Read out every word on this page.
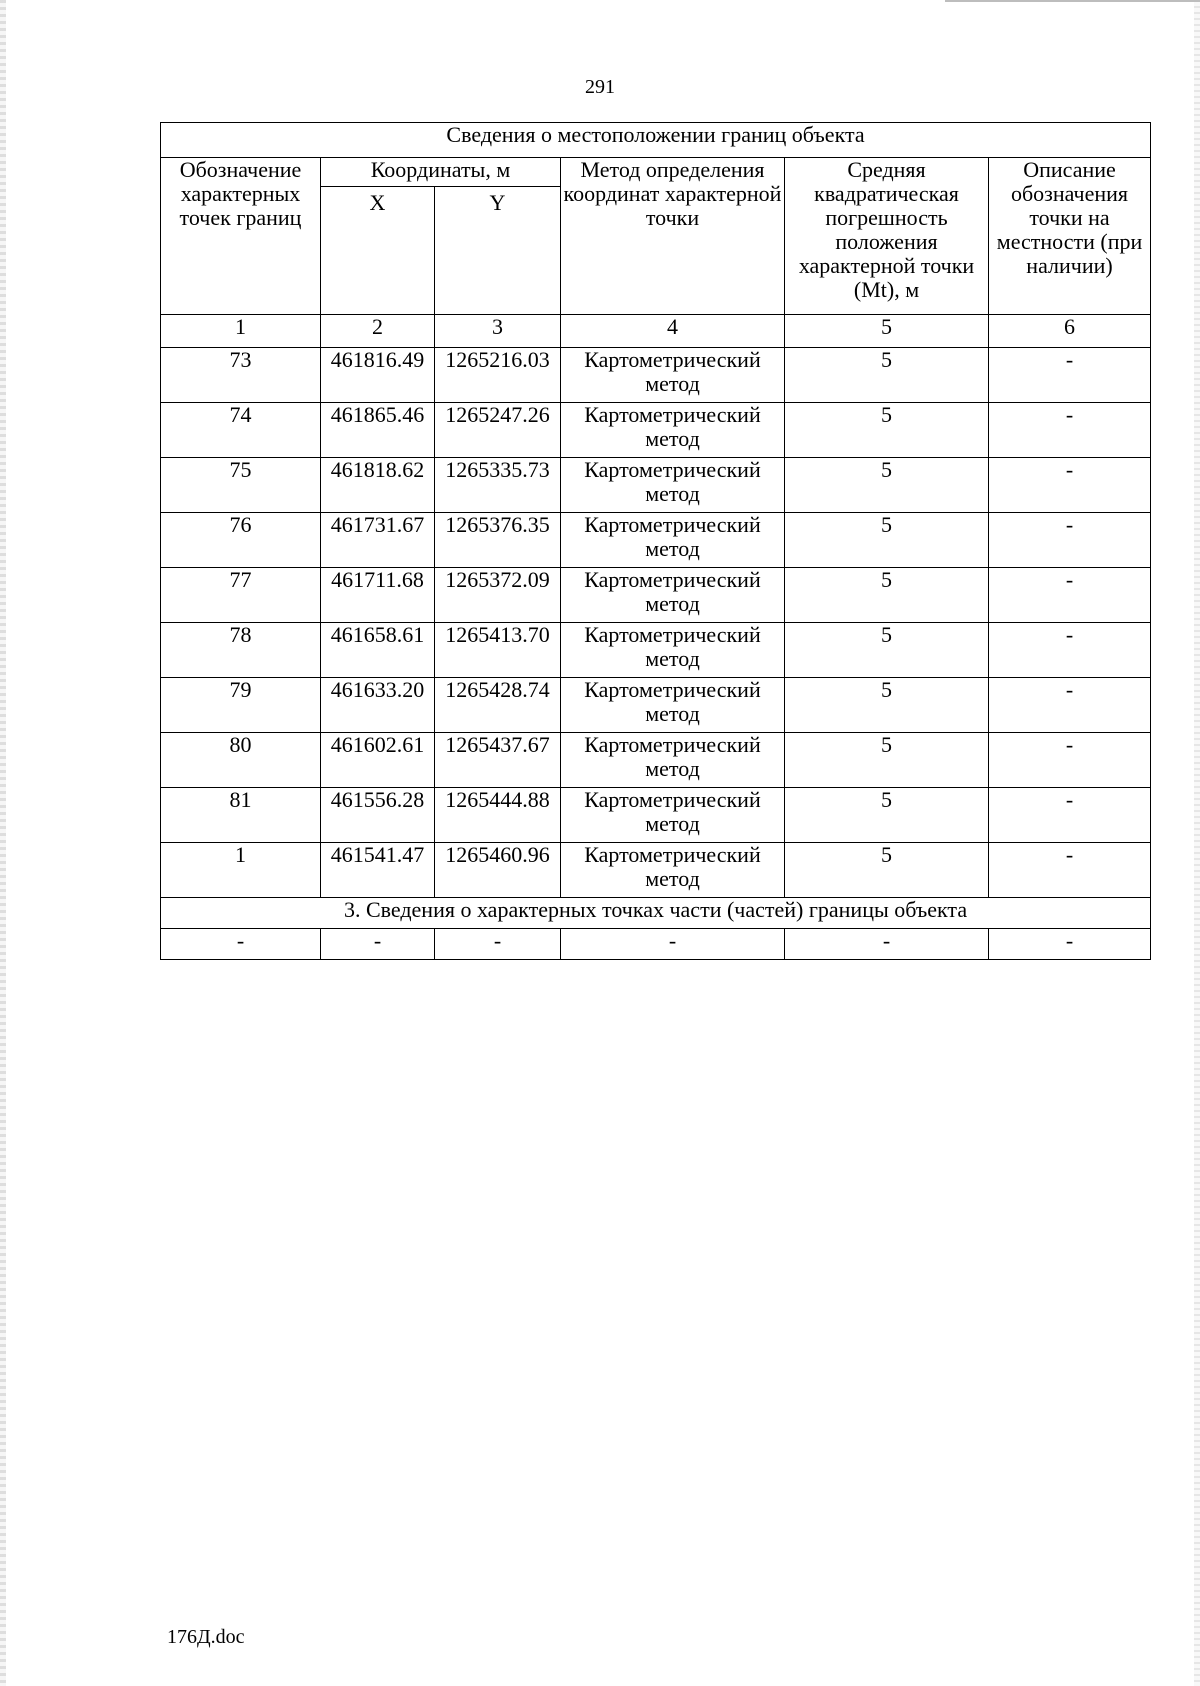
291
Сведения о местоположении границ объекта					
Обозначение характерных точек границ	Координаты, м		Метод определения координат характерной точки	Средняя квадратическая погрешность положения характерной точки (Mt), м	Описание обозначения точки на местности (при наличии)
	X	Y			
1	2	3	4	5	6
73	461816.49	1265216.03	Картометрический метод	5	-
74	461865.46	1265247.26	Картометрический метод	5	-
75	461818.62	1265335.73	Картометрический метод	5	-
76	461731.67	1265376.35	Картометрический метод	5	-
77	461711.68	1265372.09	Картометрический метод	5	-
78	461658.61	1265413.70	Картометрический метод	5	-
79	461633.20	1265428.74	Картометрический метод	5	-
80	461602.61	1265437.67	Картометрический метод	5	-
81	461556.28	1265444.88	Картометрический метод	5	-
1	461541.47	1265460.96	Картометрический метод	5	-
3. Сведения о характерных точках части (частей) границы объекта					
-	-	-	-	-	-
176Д.doc
